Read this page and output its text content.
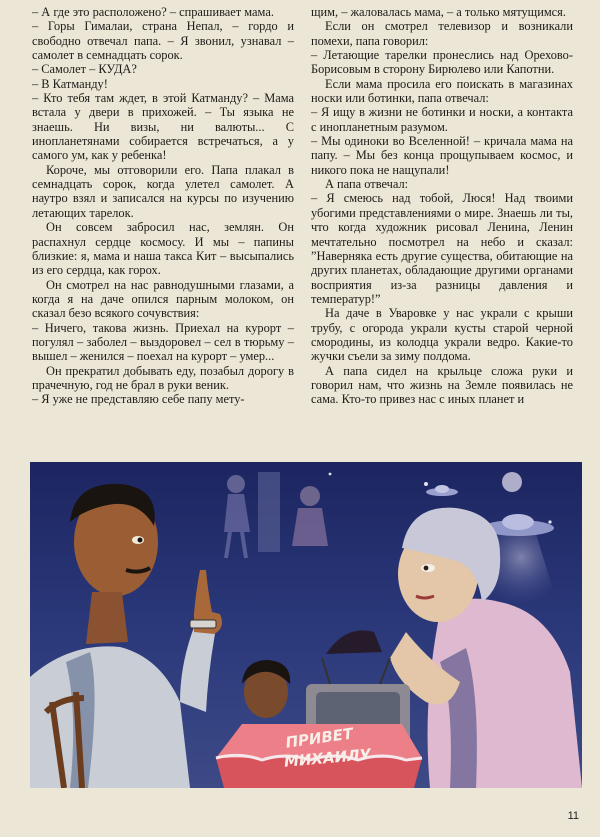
– А где это расположено? – спрашивает мама.

– Горы Гималаи, страна Непал, – гордо и свободно отвечал папа. – Я звонил, узнавал – самолет в семнадцать сорок.

– Самолет – КУДА?

– В Катманду!

– Кто тебя там ждет, в этой Катманду? – Мама встала у двери в прихожей. – Ты языка не знаешь. Ни визы, ни валюты... С инопланетянами собирается встречаться, а у самого ум, как у ребенка!

Короче, мы отговорили его. Папа плакал в семнадцать сорок, когда улетел самолет. А наутро взял и записался на курсы по изучению летающих тарелок.

Он совсем забросил нас, землян. Он распахнул сердце космосу. И мы – папины близкие: я, мама и наша такса Кит – высыпались из его сердца, как горох.

Он смотрел на нас равнодушными глазами, а когда я на даче опился парным молоком, он сказал безо всякого сочувствия:

– Ничего, такова жизнь. Приехал на курорт – погулял – заболел – выздоровел – сел в тюрьму – вышел – женился – поехал на курорт – умер...

Он прекратил добывать еду, позабыл дорогу в прачечную, год не брал в руки веник.

– Я уже не представляю себе папу мету-

щим, – жаловалась мама, – а только мятущимся.

Если он смотрел телевизор и возникали помехи, папа говорил:

– Летающие тарелки пронеслись над Орехово-Борисовым в сторону Бирюлево или Капотни.

Если мама просила его поискать в магазинах носки или ботинки, папа отвечал:

– Я ищу в жизни не ботинки и носки, а контакта с инопланетным разумом.

– Мы одиноки во Вселенной! – кричала мама на папу. – Мы без конца прощупываем космос, и никого пока не нащупали!

А папа отвечал:

– Я смеюсь над тобой, Люся! Над твоими убогими представлениями о мире. Знаешь ли ты, что когда художник рисовал Ленина, Ленин мечтательно посмотрел на небо и сказал: ”Наверняка есть другие существа, обитающие на других планетах, обладающие другими органами восприятия из-за разницы давления и температур!”

На даче в Уваровке у нас украли с крыши трубу, с огорода украли кусты старой черной смородины, из колодца украли ведро. Какие-то жучки съели за зиму полдома.

А папа сидел на крыльце сложа руки и говорил нам, что жизнь на Земле появилась не сама. Кто-то привез нас с иных планет и

ПРИВЕТ
МИХАИЛУ
11
